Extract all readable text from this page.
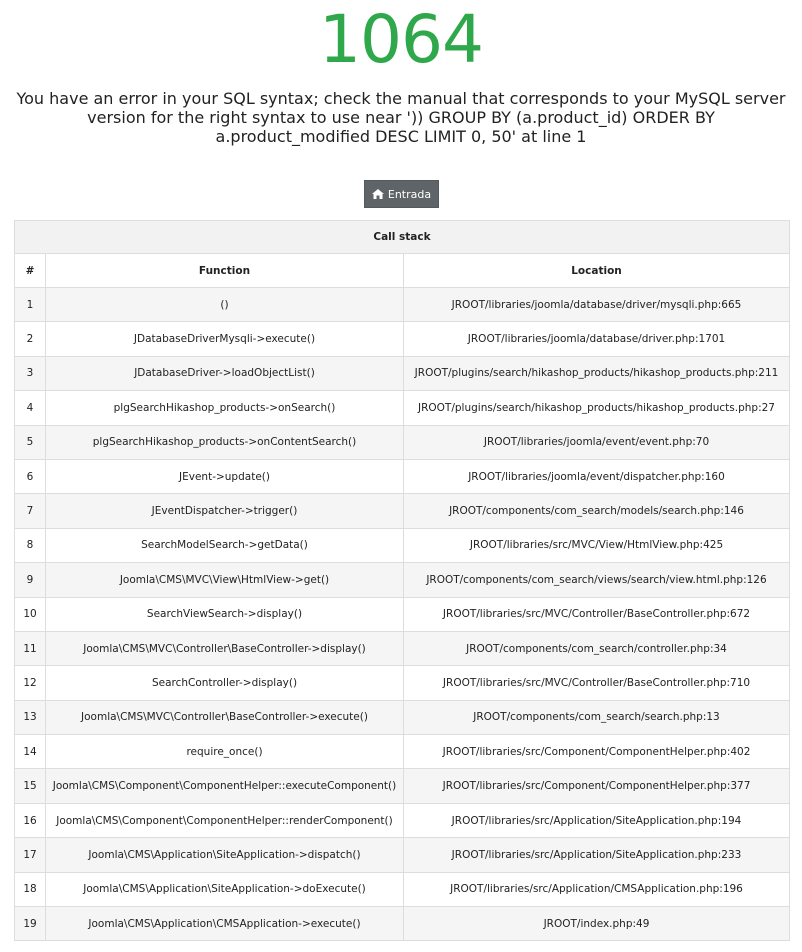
1064
You have an error in your SQL syntax; check the manual that corresponds to your MySQL server version for the right syntax to use near ')) GROUP BY (a.product_id) ORDER BY a.product_modified DESC LIMIT 0, 50' at line 1
Entrada
Call stack		
#	Function	Location
1	()	JROOT/libraries/joomla/database/driver/mysqli.php:665
2	JDatabaseDriverMysqli->execute()	JROOT/libraries/joomla/database/driver.php:1701
3	JDatabaseDriver->loadObjectList()	JROOT/plugins/search/hikashop_products/hikashop_products.php:211
4	plgSearchHikashop_products->onSearch()	JROOT/plugins/search/hikashop_products/hikashop_products.php:27
5	plgSearchHikashop_products->onContentSearch()	JROOT/libraries/joomla/event/event.php:70
6	JEvent->update()	JROOT/libraries/joomla/event/dispatcher.php:160
7	JEventDispatcher->trigger()	JROOT/components/com_search/models/search.php:146
8	SearchModelSearch->getData()	JROOT/libraries/src/MVC/View/HtmlView.php:425
9	Joomla\CMS\MVC\View\HtmlView->get()	JROOT/components/com_search/views/search/view.html.php:126
10	SearchViewSearch->display()	JROOT/libraries/src/MVC/Controller/BaseController.php:672
11	Joomla\CMS\MVC\Controller\BaseController->display()	JROOT/components/com_search/controller.php:34
12	SearchController->display()	JROOT/libraries/src/MVC/Controller/BaseController.php:710
13	Joomla\CMS\MVC\Controller\BaseController->execute()	JROOT/components/com_search/search.php:13
14	require_once()	JROOT/libraries/src/Component/ComponentHelper.php:402
15	Joomla\CMS\Component\ComponentHelper::executeComponent()	JROOT/libraries/src/Component/ComponentHelper.php:377
16	Joomla\CMS\Component\ComponentHelper::renderComponent()	JROOT/libraries/src/Application/SiteApplication.php:194
17	Joomla\CMS\Application\SiteApplication->dispatch()	JROOT/libraries/src/Application/SiteApplication.php:233
18	Joomla\CMS\Application\SiteApplication->doExecute()	JROOT/libraries/src/Application/CMSApplication.php:196
19	Joomla\CMS\Application\CMSApplication->execute()	JROOT/index.php:49
